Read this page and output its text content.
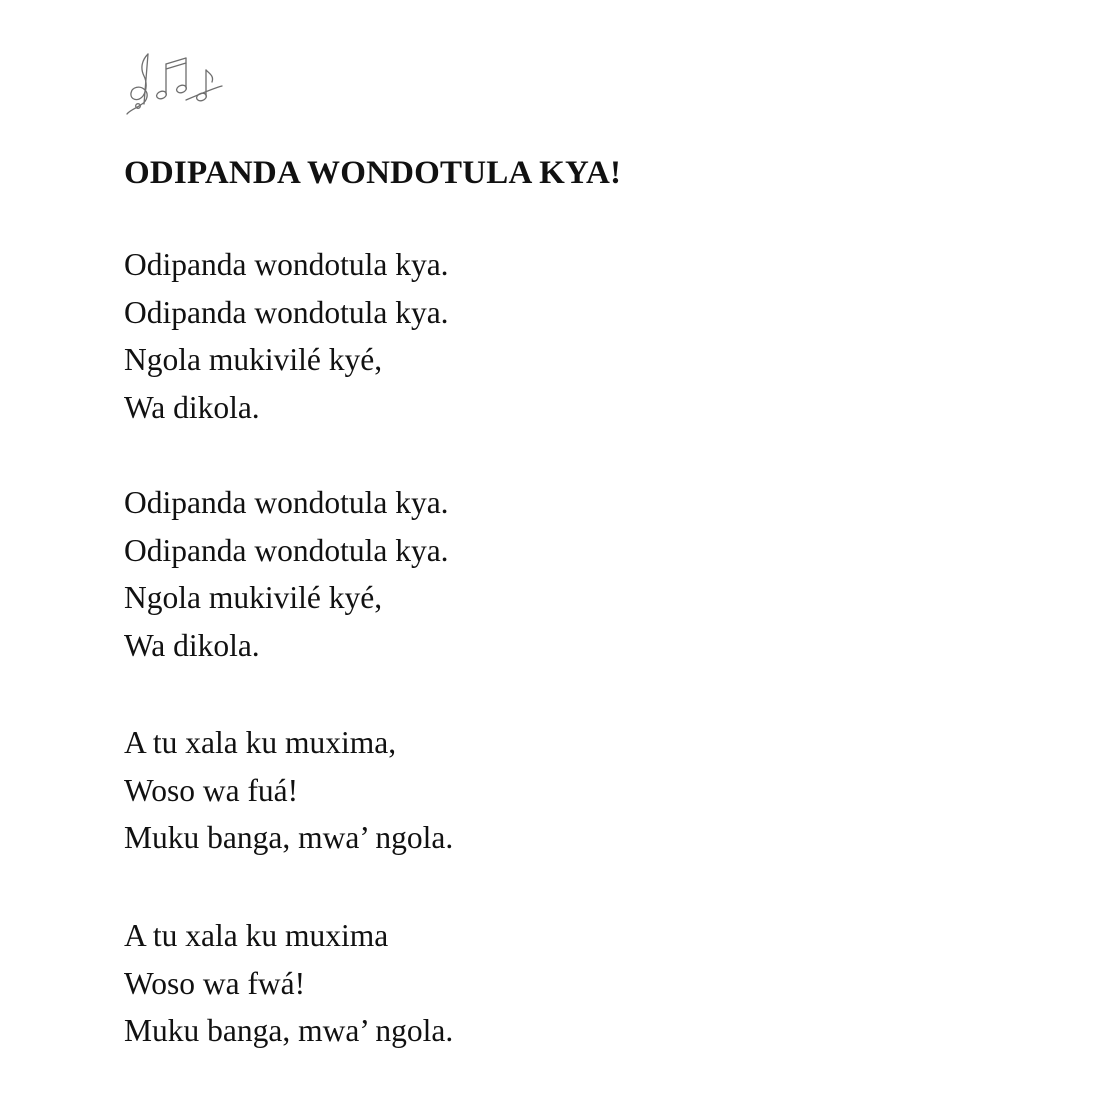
ODIPANDA WONDOTULA KYA!
Odipanda wondotula kya.
Odipanda wondotula kya.
Ngola mukivilé kyé,
Wa dikola.
Odipanda wondotula kya.
Odipanda wondotula kya.
Ngola mukivilé kyé,
Wa dikola.
A tu xala ku muxima,
Woso wa fuá!
Muku banga, mwa’ ngola.
A tu xala ku muxima
Woso wa fwá!
Muku banga, mwa’ ngola.
